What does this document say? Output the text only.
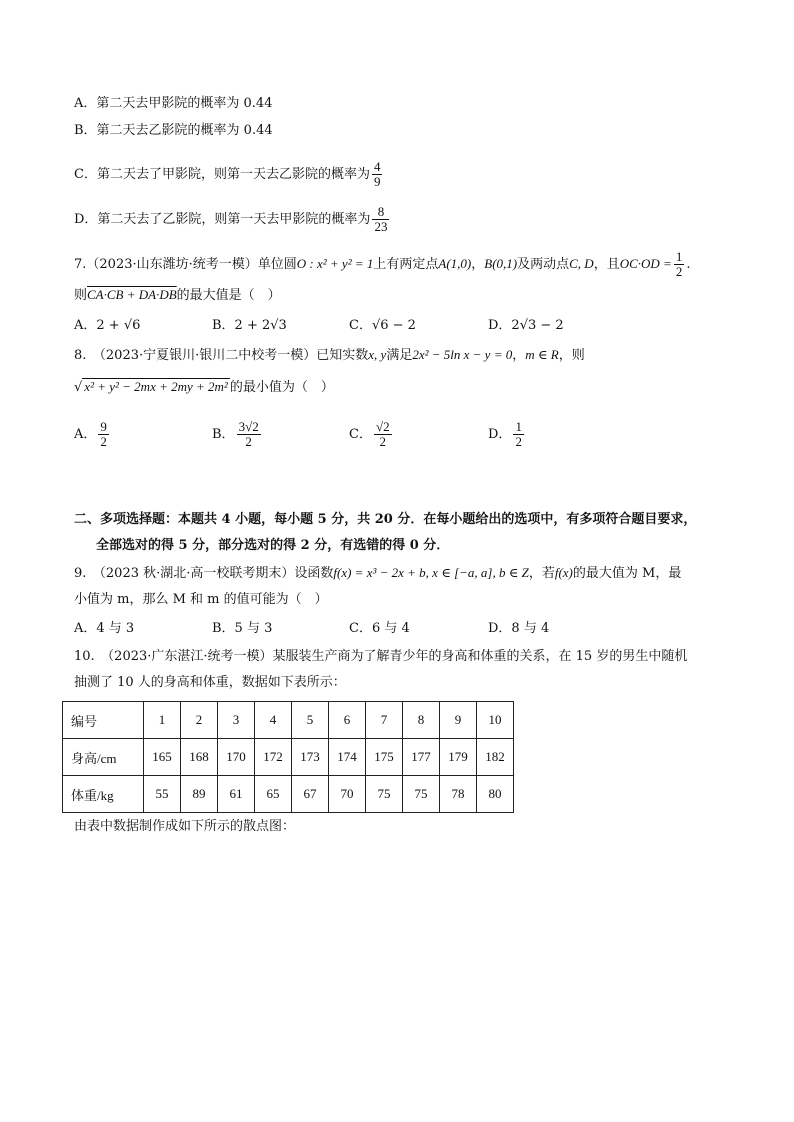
A．第二天去甲影院的概率为 0.44
B．第二天去乙影院的概率为 0.44
C．第二天去了甲影院，则第一天去乙影院的概率为 $\frac{4}{9}$
D．第二天去了乙影院，则第一天去甲影院的概率为 $\frac{8}{23}$
7.（2023·山东潍坊·统考一模）单位圆O : x² + y² = 1上有两定点A(1,0)，B(0,1)及两动点C, D，且$OC\cdot OD = \frac{1}{2}$ .
则CA·CB + DA·DB的最大值是（　）
A．2 + √6	B．2 + 2√3	C．√6 − 2	D．2√3 − 2
8.　（2023·宁夏银川·银川二中校考一模）已知实数x, y满足2x² − 5ln x − y = 0，m ∈ R，则
√ x² + y² − 2mx + 2my + 2m² 的最小值为（　）
A． $\frac{9}{2}$	B． $\frac{3√2}{2}$	C． $\frac{√2}{2}$	D． $\frac{1}{2}$
二、多项选择题：本题共 4 小题，每小题 5 分，共 20 分．在每小题给出的选项中，有多项符合题目要求，
全部选对的得 5 分，部分选对的得 2 分，有选错的得 0 分．
9.　（2023 秋·湖北·高一校联考期末）设函数f(x) = x³ − 2x + b, x ∈ [−a, a], b ∈ Z，若f(x)的最大值为 M，最
小值为 m，那么 M 和 m 的值可能为（　）
A．4 与 3	B．5 与 3	C．6 与 4	D．8 与 4
10.　（2023·广东湛江·统考一模）某服装生产商为了解青少年的身高和体重的关系，在 15 岁的男生中随机
抽测了 10 人的身高和体重，数据如下表所示：
编号	1	2	3	4	5	6	7	8	9	10
身高/cm	165	168	170	172	173	174	175	177	179	182
体重/kg	55	89	61	65	67	70	75	75	78	80
由表中数据制作成如下所示的散点图：
